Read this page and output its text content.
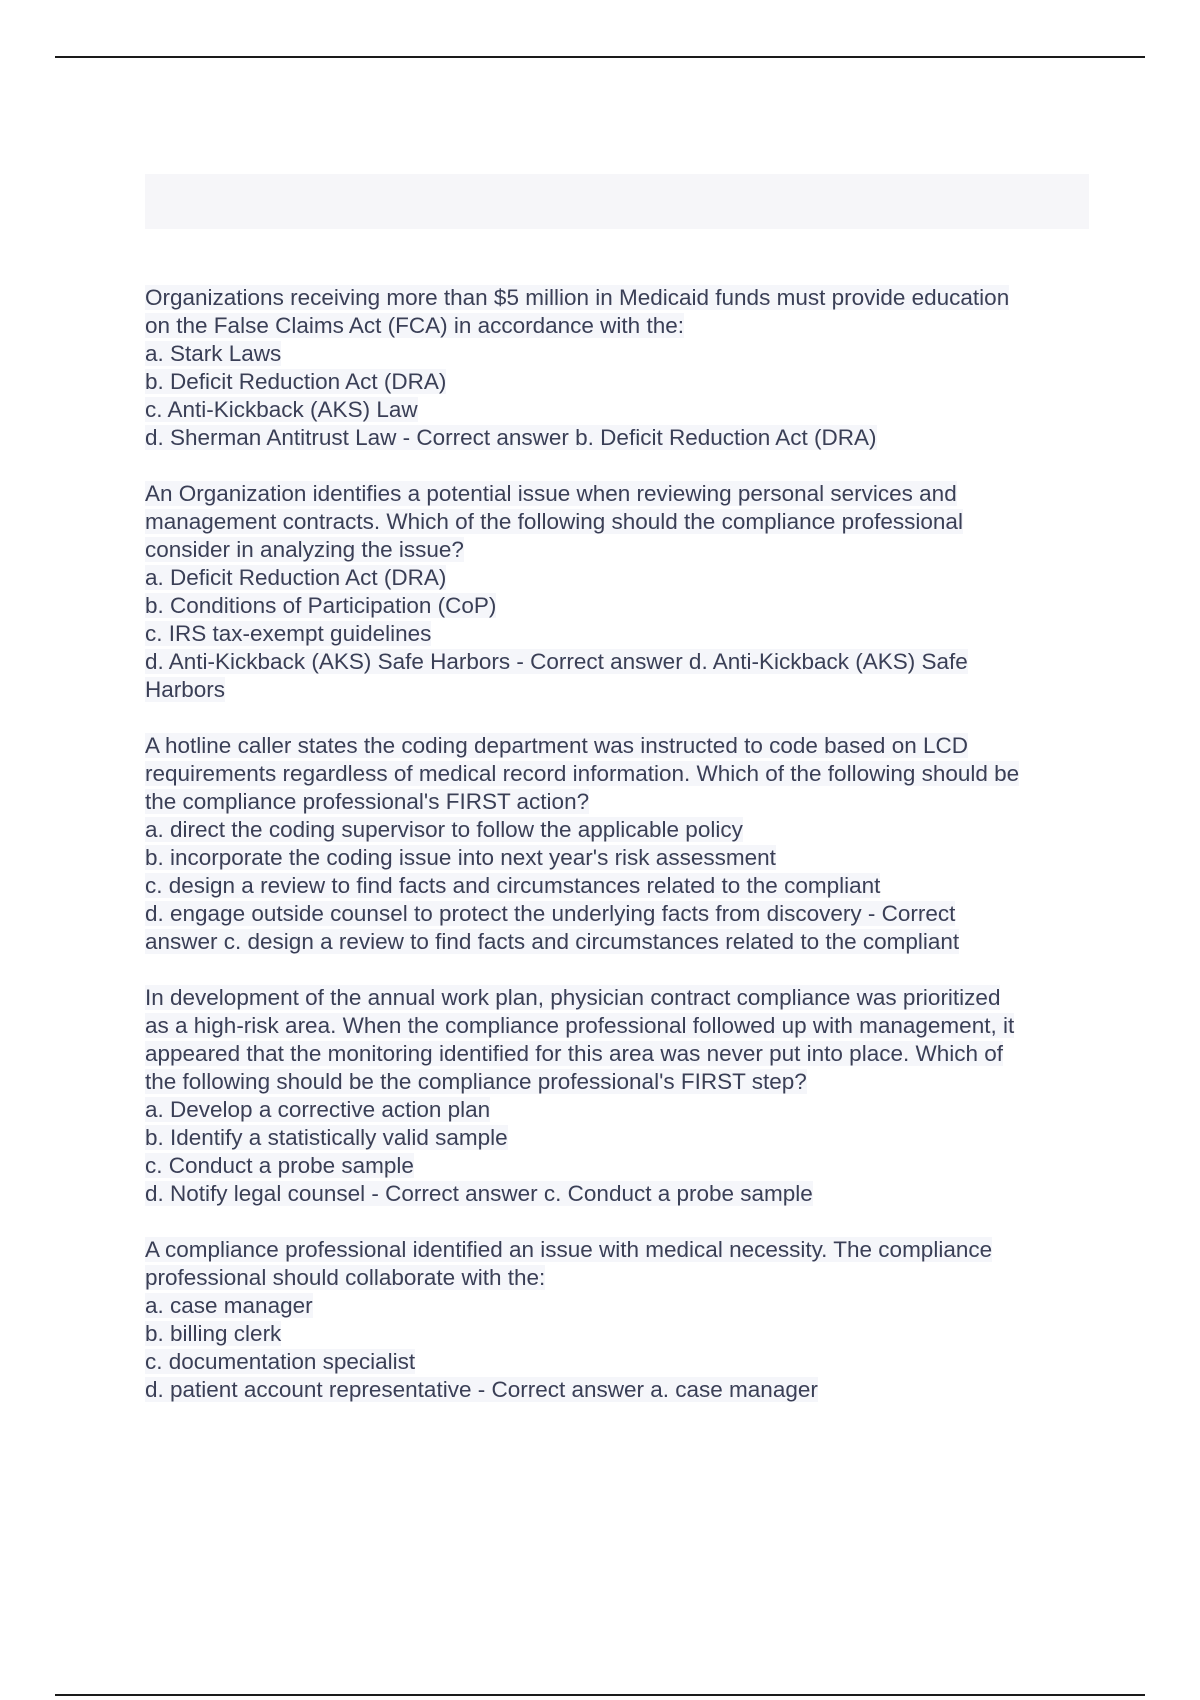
Organizations receiving more than $5 million in Medicaid funds must provide education
on the False Claims Act (FCA) in accordance with the:
a. Stark Laws
b. Deficit Reduction Act (DRA)
c. Anti-Kickback (AKS) Law
d. Sherman Antitrust Law - Correct answer b. Deficit Reduction Act (DRA)
An Organization identifies a potential issue when reviewing personal services and
management contracts. Which of the following should the compliance professional
consider in analyzing the issue?
a. Deficit Reduction Act (DRA)
b. Conditions of Participation (CoP)
c. IRS tax-exempt guidelines
d. Anti-Kickback (AKS) Safe Harbors - Correct answer d. Anti-Kickback (AKS) Safe
Harbors
A hotline caller states the coding department was instructed to code based on LCD
requirements regardless of medical record information. Which of the following should be
the compliance professional's FIRST action?
a. direct the coding supervisor to follow the applicable policy
b. incorporate the coding issue into next year's risk assessment
c. design a review to find facts and circumstances related to the compliant
d. engage outside counsel to protect the underlying facts from discovery - Correct
answer c. design a review to find facts and circumstances related to the compliant
In development of the annual work plan, physician contract compliance was prioritized
as a high-risk area. When the compliance professional followed up with management, it
appeared that the monitoring identified for this area was never put into place. Which of
the following should be the compliance professional's FIRST step?
a. Develop a corrective action plan
b. Identify a statistically valid sample
c. Conduct a probe sample
d. Notify legal counsel - Correct answer c. Conduct a probe sample
A compliance professional identified an issue with medical necessity. The compliance
professional should collaborate with the:
a. case manager
b. billing clerk
c. documentation specialist
d. patient account representative - Correct answer a. case manager
